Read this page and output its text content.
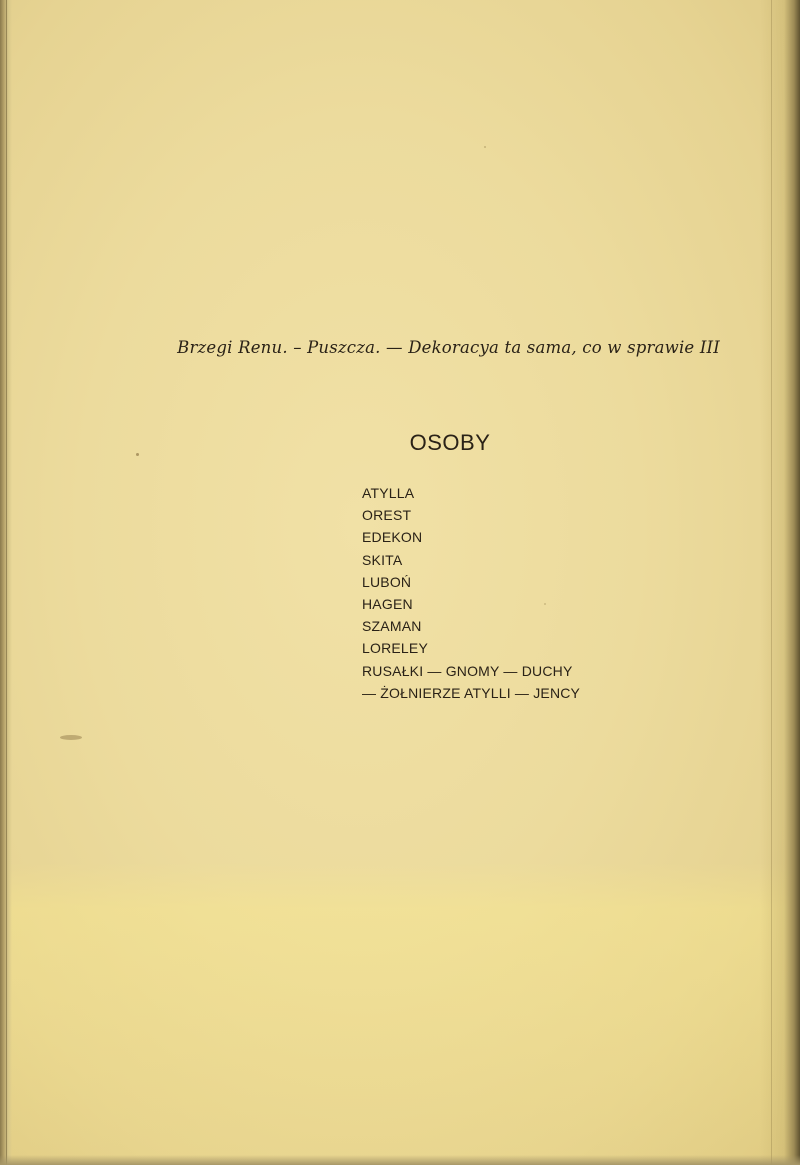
Brzegi Renu. – Puszcza. — Dekoracya ta sama, co w sprawie III
OSOBY
ATYLLA
OREST
EDEKON
SKITA
LUBOŃ
HAGEN
SZAMAN
LORELEY
RUSAŁKI — GNOMY — DUCHY
— ŻOŁNIERZE ATYLLI — JENCY
